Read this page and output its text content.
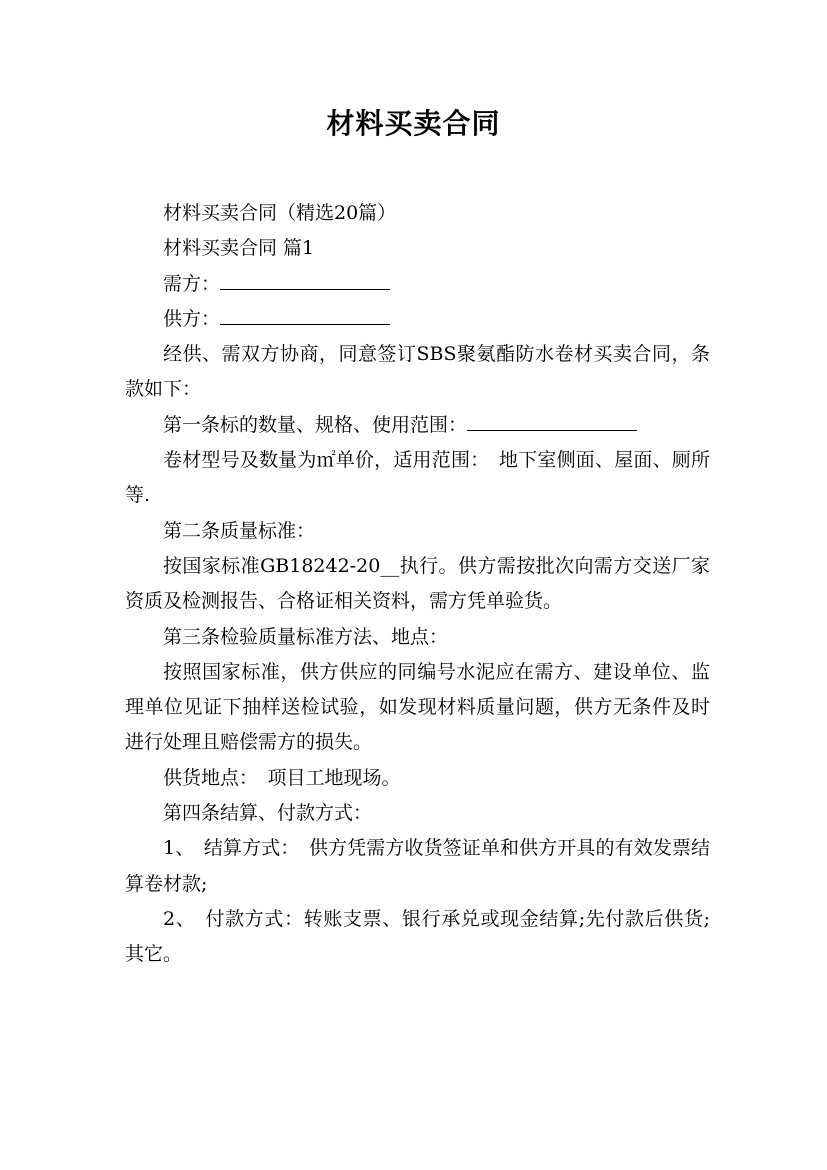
材料买卖合同

材料买卖合同（精选20篇）

材料买卖合同 篇1

需方：

供方：

经供、需双方协商，同意签订SBS聚氨酯防水卷材买卖合同，条款如下：

第一条标的数量、规格、使用范围：

卷材型号及数量为㎡单价，适用范围：　地下室侧面、屋面、厕所等.

第二条质量标准：

按国家标准GB18242-20__执行。供方需按批次向需方交送厂家资质及检测报告、合格证相关资料，需方凭单验货。

第三条检验质量标准方法、地点：

按照国家标准，供方供应的同编号水泥应在需方、建设单位、监理单位见证下抽样送检试验，如发现材料质量问题，供方无条件及时进行处理且赔偿需方的损失。

供货地点：　项目工地现场。

第四条结算、付款方式：

1、　结算方式：　供方凭需方收货签证单和供方开具的有效发票结算卷材款;

2、　付款方式：转账支票、银行承兑或现金结算;先付款后供货;其它。
